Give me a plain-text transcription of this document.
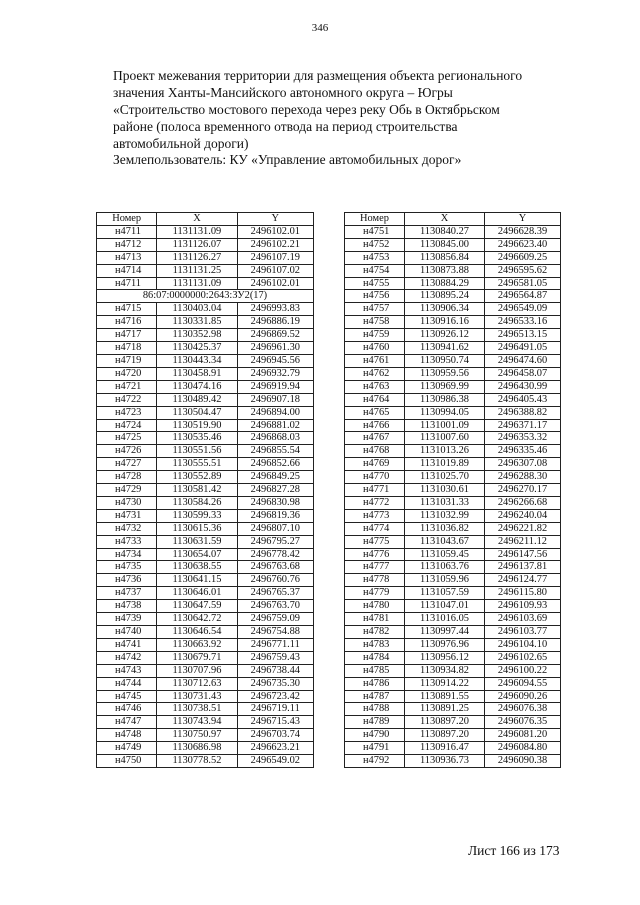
346
Проект межевания территории для размещения объекта регионального
значения Ханты-Мансийского автономного округа – Югры
«Строительство мостового перехода через реку Обь в Октябрьском
районе (полоса временного отвода на период строительства
автомобильной дороги)
Землепользователь: КУ «Управление автомобильных дорог»
Номер	X	Y
н4711	1131131.09	2496102.01
н4712	1131126.07	2496102.21
н4713	1131126.27	2496107.19
н4714	1131131.25	2496107.02
н4711	1131131.09	2496102.01
86:07:0000000:2643:ЗУ2(17)		
н4715	1130403.04	2496993.83
н4716	1130331.85	2496886.19
н4717	1130352.98	2496869.52
н4718	1130425.37	2496961.30
н4719	1130443.34	2496945.56
н4720	1130458.91	2496932.79
н4721	1130474.16	2496919.94
н4722	1130489.42	2496907.18
н4723	1130504.47	2496894.00
н4724	1130519.90	2496881.02
н4725	1130535.46	2496868.03
н4726	1130551.56	2496855.54
н4727	1130555.51	2496852.66
н4728	1130552.89	2496849.25
н4729	1130581.42	2496827.28
н4730	1130584.26	2496830.98
н4731	1130599.33	2496819.36
н4732	1130615.36	2496807.10
н4733	1130631.59	2496795.27
н4734	1130654.07	2496778.42
н4735	1130638.55	2496763.68
н4736	1130641.15	2496760.76
н4737	1130646.01	2496765.37
н4738	1130647.59	2496763.70
н4739	1130642.72	2496759.09
н4740	1130646.54	2496754.88
н4741	1130663.92	2496771.11
н4742	1130679.71	2496759.43
н4743	1130707.96	2496738.44
н4744	1130712.63	2496735.30
н4745	1130731.43	2496723.42
н4746	1130738.51	2496719.11
н4747	1130743.94	2496715.43
н4748	1130750.97	2496703.74
н4749	1130686.98	2496623.21
н4750	1130778.52	2496549.02
Номер	X	Y
н4751	1130840.27	2496628.39
н4752	1130845.00	2496623.40
н4753	1130856.84	2496609.25
н4754	1130873.88	2496595.62
н4755	1130884.29	2496581.05
н4756	1130895.24	2496564.87
н4757	1130906.34	2496549.09
н4758	1130916.16	2496533.16
н4759	1130926.12	2496513.15
н4760	1130941.62	2496491.05
н4761	1130950.74	2496474.60
н4762	1130959.56	2496458.07
н4763	1130969.99	2496430.99
н4764	1130986.38	2496405.43
н4765	1130994.05	2496388.82
н4766	1131001.09	2496371.17
н4767	1131007.60	2496353.32
н4768	1131013.26	2496335.46
н4769	1131019.89	2496307.08
н4770	1131025.70	2496288.30
н4771	1131030.61	2496270.17
н4772	1131031.33	2496266.68
н4773	1131032.99	2496240.04
н4774	1131036.82	2496221.82
н4775	1131043.67	2496211.12
н4776	1131059.45	2496147.56
н4777	1131063.76	2496137.81
н4778	1131059.96	2496124.77
н4779	1131057.59	2496115.80
н4780	1131047.01	2496109.93
н4781	1131016.05	2496103.69
н4782	1130997.44	2496103.77
н4783	1130976.96	2496104.10
н4784	1130956.12	2496102.65
н4785	1130934.82	2496100.22
н4786	1130914.22	2496094.55
н4787	1130891.55	2496090.26
н4788	1130891.25	2496076.38
н4789	1130897.20	2496076.35
н4790	1130897.20	2496081.20
н4791	1130916.47	2496084.80
н4792	1130936.73	2496090.38
Лист 166 из 173
